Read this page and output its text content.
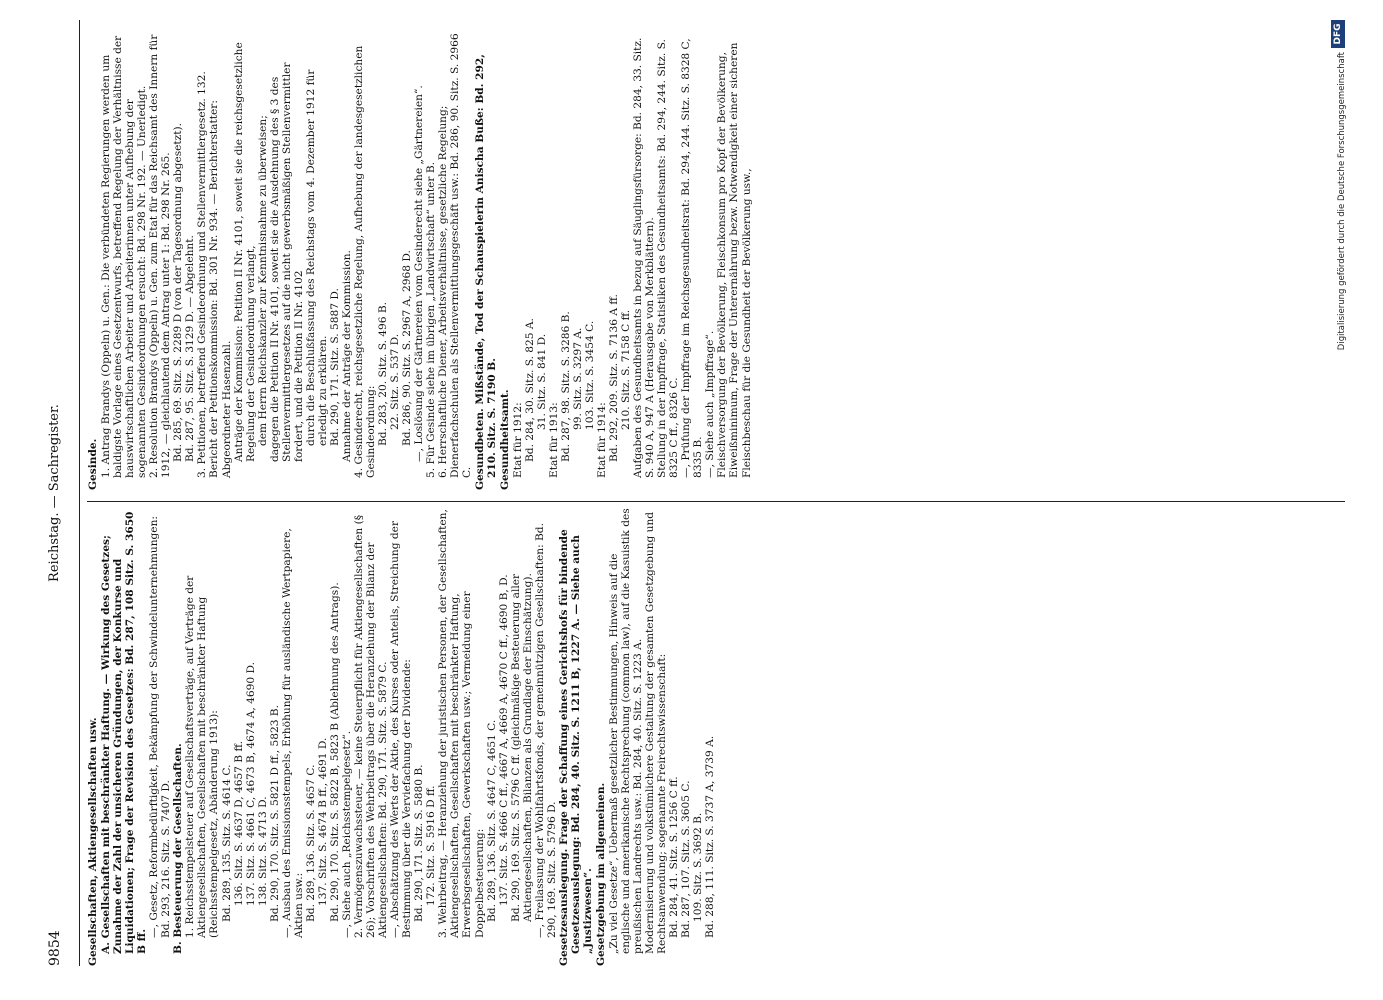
9854
Reichstag. — Sachregister.
Gesellschaften, Aktiengesellschaften usw. A. Gesellschaften mit beschränkter Haftung. — Wirkung des Gesetzes; Zunahme der Zahl der unsicheren Gründungen, der Konkurse und Liquidationen; Frage der Revision des Gesetzes: Bd. 287, 108 Sitz. S. 3650 B ff.
—, Gesetz, Reformbedürftigkeit, Bekämpfung der Schwindelunternehmungen: Bd. 293, 216. Sitz. S. 7407 D. B. Besteuerung der Gesellschaften. 1. Reichsstempelsteuer auf Gesellschaftsverträge, auf Verträge der Aktiengesellschaften, Gesellschaften mit beschränkter Haftung (Reichsstempelgesetz, Abänderung 1913): Bd. 289, 135. Sitz. S. 4614 C. 136. Sitz. S. 4637 D, 4657 B ff. 137. Sitz. S. 4661 C, 4673 B, 4674 A, 4690 D. 138. Sitz. S. 4713 D. Bd. 290, 170. Sitz. S. 5821 D ff., 5823 B. —, Ausbau des Emissionsstempels, Erhöhung für ausländische Wertpapiere, Aktien usw.: Bd. 289, 136. Sitz. S. 4657 C. 137. Sitz. S. 4674 B ff., 4691 D. Bd. 290, 170. Sitz. S. 5822 B, 5823 B (Ablehnung des Antrags). —, Siehe auch „Reichsstempelgesetz“. 2. Vermögenszuwachssteuer, — keine Steuerpflicht für Aktiengesellschaften (§ 26); Vorschriften des Wehrbeitrags über die Heranziehung der Bilanz der Aktiengesellschaften: Bd. 290, 171. Sitz. S. 5879 C. —, Abschätzung des Werts der Aktie, des Kurses oder Anteils, Streichung der Bestimmung über die Verviefachung der Dividende: Bd. 290, 171. Sitz. S. 5880 B. 172. Sitz. S. 5916 D ff. 3. Wehrbeitrag, — Heranziehung der juristischen Personen, der Gesellschaften, Aktiengesellschaften, Gesellschaften mit beschränkter Haftung, Erwerbsgesellschaften, Gewerkschaften usw.; Vermeidung einer Doppelbesteuerung: Bd. 289, 136. Sitz. S. 4647 C, 4651 C. 137. Sitz. S. 4666 C ff., 4667 A, 4669 A, 4670 C ff., 4690 B, D. Bd. 290, 169. Sitz. S. 5796 C ff. (gleichmäßige Besteuerung aller Aktiengesellschaften, Bilanzen als Grundlage der Einschätzung). —, Freilassung der Wohlfahrtsfonds, der gemeinnützigen Gesellschaften: Bd. 290, 169. Sitz. S. 5796 D. Gesetzesauslegung. Frage der Schaffung eines Gerichtshofs für bindende Gesetzesauslegung: Bd. 284, 40. Sitz. S. 1211 B, 1227 A. — Siehe auch „Justizwesen“. Gesetzgebung im allgemeinen. „Zu viel Gesetze“, Uebermaß gesetzlicher Bestimmungen, Hinweis auf die englische und amerikanische Rechtsprechung (common law), auf die Kasuistik des preußischen Landrechts usw.: Bd. 284, 40. Sitz. S. 1223 A. Modernisierung und volkstümlichere Gestaltung der gesamten Gesetzgebung und Rechtsanwendung; sogenannte Freirechtswissenschaft: Bd. 284, 41. Sitz. S. 1256 C ff. Bd. 287, 107. Sitz. S. 3605 C. 109. Sitz. S. 3692 B. Bd. 288, 111. Sitz. S. 3737 A, 3739 A.
Gesinde. 1. Antrag Brandys (Oppeln) u. Gen.: Die verbündeten Regierungen werden um baldigste Vorlage eines Gesetzentwurfs, betreffend Regelung der Verhältnisse der hauswirtschaftlichen Arbeiter und Arbeiterinnen unter Aufhebung der sogenannten Gesindeordnungen ersucht: Bd. 298 Nr. 192. — Unerledigt. 2. Resolution Brandys (Oppeln) u. Gen. zum Etat für das Reichsamt des Innern für 1912, — gleichlautend dem Antrag unter 1: Bd. 298 Nr. 265. Bd. 285, 69. Sitz. S. 2289 D (von der Tagesordnung abgesetzt). Bd. 287, 95. Sitz. S. 3129 D. — Abgelehnt. 3. Petitionen, betreffend Gesindeordnung und Stellenvermittlergesetz. 132. Bericht der Petitionskommission: Bd. 301 Nr. 934. — Berichterstatter: Abgeordneter Hasenzahl. Anträge der Kommission: Petition II Nr. 4101, soweit sie die reichsgesetzliche Regelung der Gesindeordnung verlangt, dem Herrn Reichskanzler zur Kenntnisnahme zu überweisen; dagegen die Petition II Nr. 4101, soweit sie die Ausdehnung des § 3 des Stellenvermittlergesetzes auf die nicht gewerbsmäßigen Stellenvermittler fordert, und die Petition II Nr. 4102 durch die Beschlußfassung des Reichstags vom 4. Dezember 1912 für erledigt zu erklären. Bd. 290, 171. Sitz. S. 5887 D. Annahme der Anträge der Kommission. 4. Gesinderecht, reichsgesetzliche Regelung, Aufhebung der landesgesetzlichen Gesindeordnung: Bd. 283, 20. Sitz. S. 496 B. 22. Sitz. S. 537 D. Bd. 286, 90. Sitz. S. 2967 A, 2968 D. —, Loslösung der Gärtnereien vom Gesinderecht siehe „Gärtnereien“. 5. Für Gesinde siehe im übrigen „Landwirtschaft“ unter B. 6. Herrschaftliche Diener, Arbeitsverhältnisse, gesetzliche Regelung; Dienerfachschulen als Stellenvermittlungsgeschäft usw.: Bd. 286, 90. Sitz. S. 2966 C. Gesundbeten. Mißstände, Tod der Schauspielerin Anischa Buße: Bd. 292, 210. Sitz. S. 7190 B. Gesundheitsamt. Etat für 1912: Bd. 284, 30. Sitz. S. 825 A. 31. Sitz. S. 841 D.
Etat für 1913: Bd. 287, 98. Sitz. S. 3286 B. 99. Sitz. S. 3297 A. 103. Sitz. S. 3454 C.
Etat für 1914: Bd. 292, 209. Sitz. S. 7136 A ff. 210. Sitz. S. 7158 C ff. Aufgaben des Gesundheitsamts in bezug auf Säuglingsfürsorge: Bd. 284, 33. Sitz. S. 940 A, 947 A (Herausgabe von Merkblättern). Stellung in der Impffrage, Statistiken des Gesundheitsamts: Bd. 294, 244. Sitz. S. 8325 C ff., 8326 C. —, Prüfung der Impffrage im Reichsgesundheitsrat: Bd. 294, 244. Sitz. S. 8328 C, 8335 B. —, Siehe auch „Impffrage“. Fleischversorgung der Bevölkerung, Fleischkonsum pro Kopf der Bevölkerung, Eiweißminimum, Frage der Unterernährung bezw. Notwendigkeit einer sicheren Fleischbeschau für die Gesundheit der Bevölkerung usw.,	Digitalisierung gefördert durch die Deutsche Forschungsgemeinschaft
DFG
